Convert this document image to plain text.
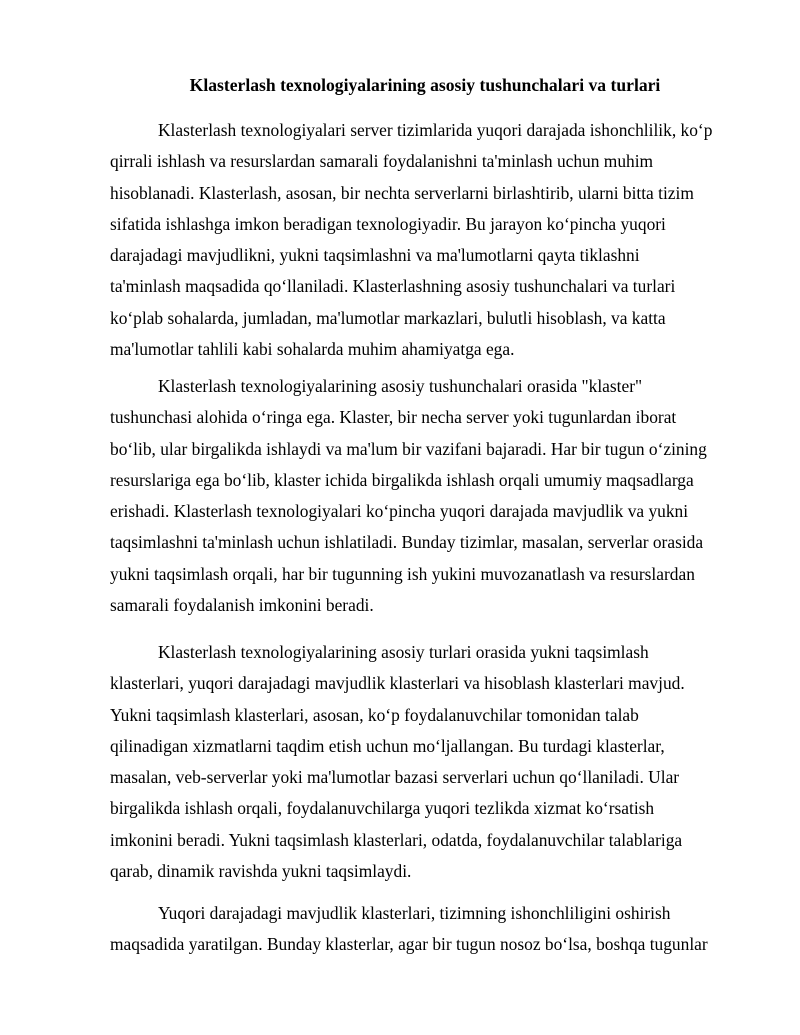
Klasterlash texnologiyalarining asosiy tushunchalari va turlari
Klasterlash texnologiyalari server tizimlarida yuqori darajada ishonchlilik, ko‘p
qirrali ishlash va resurslardan samarali foydalanishni ta'minlash uchun muhim
hisoblanadi. Klasterlash, asosan, bir nechta serverlarni birlashtirib, ularni bitta tizim
sifatida ishlashga imkon beradigan texnologiyadir. Bu jarayon ko‘pincha yuqori
darajadagi mavjudlikni, yukni taqsimlashni va ma'lumotlarni qayta tiklashni
ta'minlash maqsadida qo‘llaniladi. Klasterlashning asosiy tushunchalari va turlari
ko‘plab sohalarda, jumladan, ma'lumotlar markazlari, bulutli hisoblash, va katta
ma'lumotlar tahlili kabi sohalarda muhim ahamiyatga ega.
Klasterlash texnologiyalarining asosiy tushunchalari orasida "klaster"
tushunchasi alohida o‘ringa ega. Klaster, bir necha server yoki tugunlardan iborat
bo‘lib, ular birgalikda ishlaydi va ma'lum bir vazifani bajaradi. Har bir tugun o‘zining
resurslariga ega bo‘lib, klaster ichida birgalikda ishlash orqali umumiy maqsadlarga
erishadi. Klasterlash texnologiyalari ko‘pincha yuqori darajada mavjudlik va yukni
taqsimlashni ta'minlash uchun ishlatiladi. Bunday tizimlar, masalan, serverlar orasida
yukni taqsimlash orqali, har bir tugunning ish yukini muvozanatlash va resurslardan
samarali foydalanish imkonini beradi.
Klasterlash texnologiyalarining asosiy turlari orasida yukni taqsimlash
klasterlari, yuqori darajadagi mavjudlik klasterlari va hisoblash klasterlari mavjud.
Yukni taqsimlash klasterlari, asosan, ko‘p foydalanuvchilar tomonidan talab
qilinadigan xizmatlarni taqdim etish uchun mo‘ljallangan. Bu turdagi klasterlar,
masalan, veb-serverlar yoki ma'lumotlar bazasi serverlari uchun qo‘llaniladi. Ular
birgalikda ishlash orqali, foydalanuvchilarga yuqori tezlikda xizmat ko‘rsatish
imkonini beradi. Yukni taqsimlash klasterlari, odatda, foydalanuvchilar talablariga
qarab, dinamik ravishda yukni taqsimlaydi.
Yuqori darajadagi mavjudlik klasterlari, tizimning ishonchliligini oshirish
maqsadida yaratilgan. Bunday klasterlar, agar bir tugun nosoz bo‘lsa, boshqa tugunlar
